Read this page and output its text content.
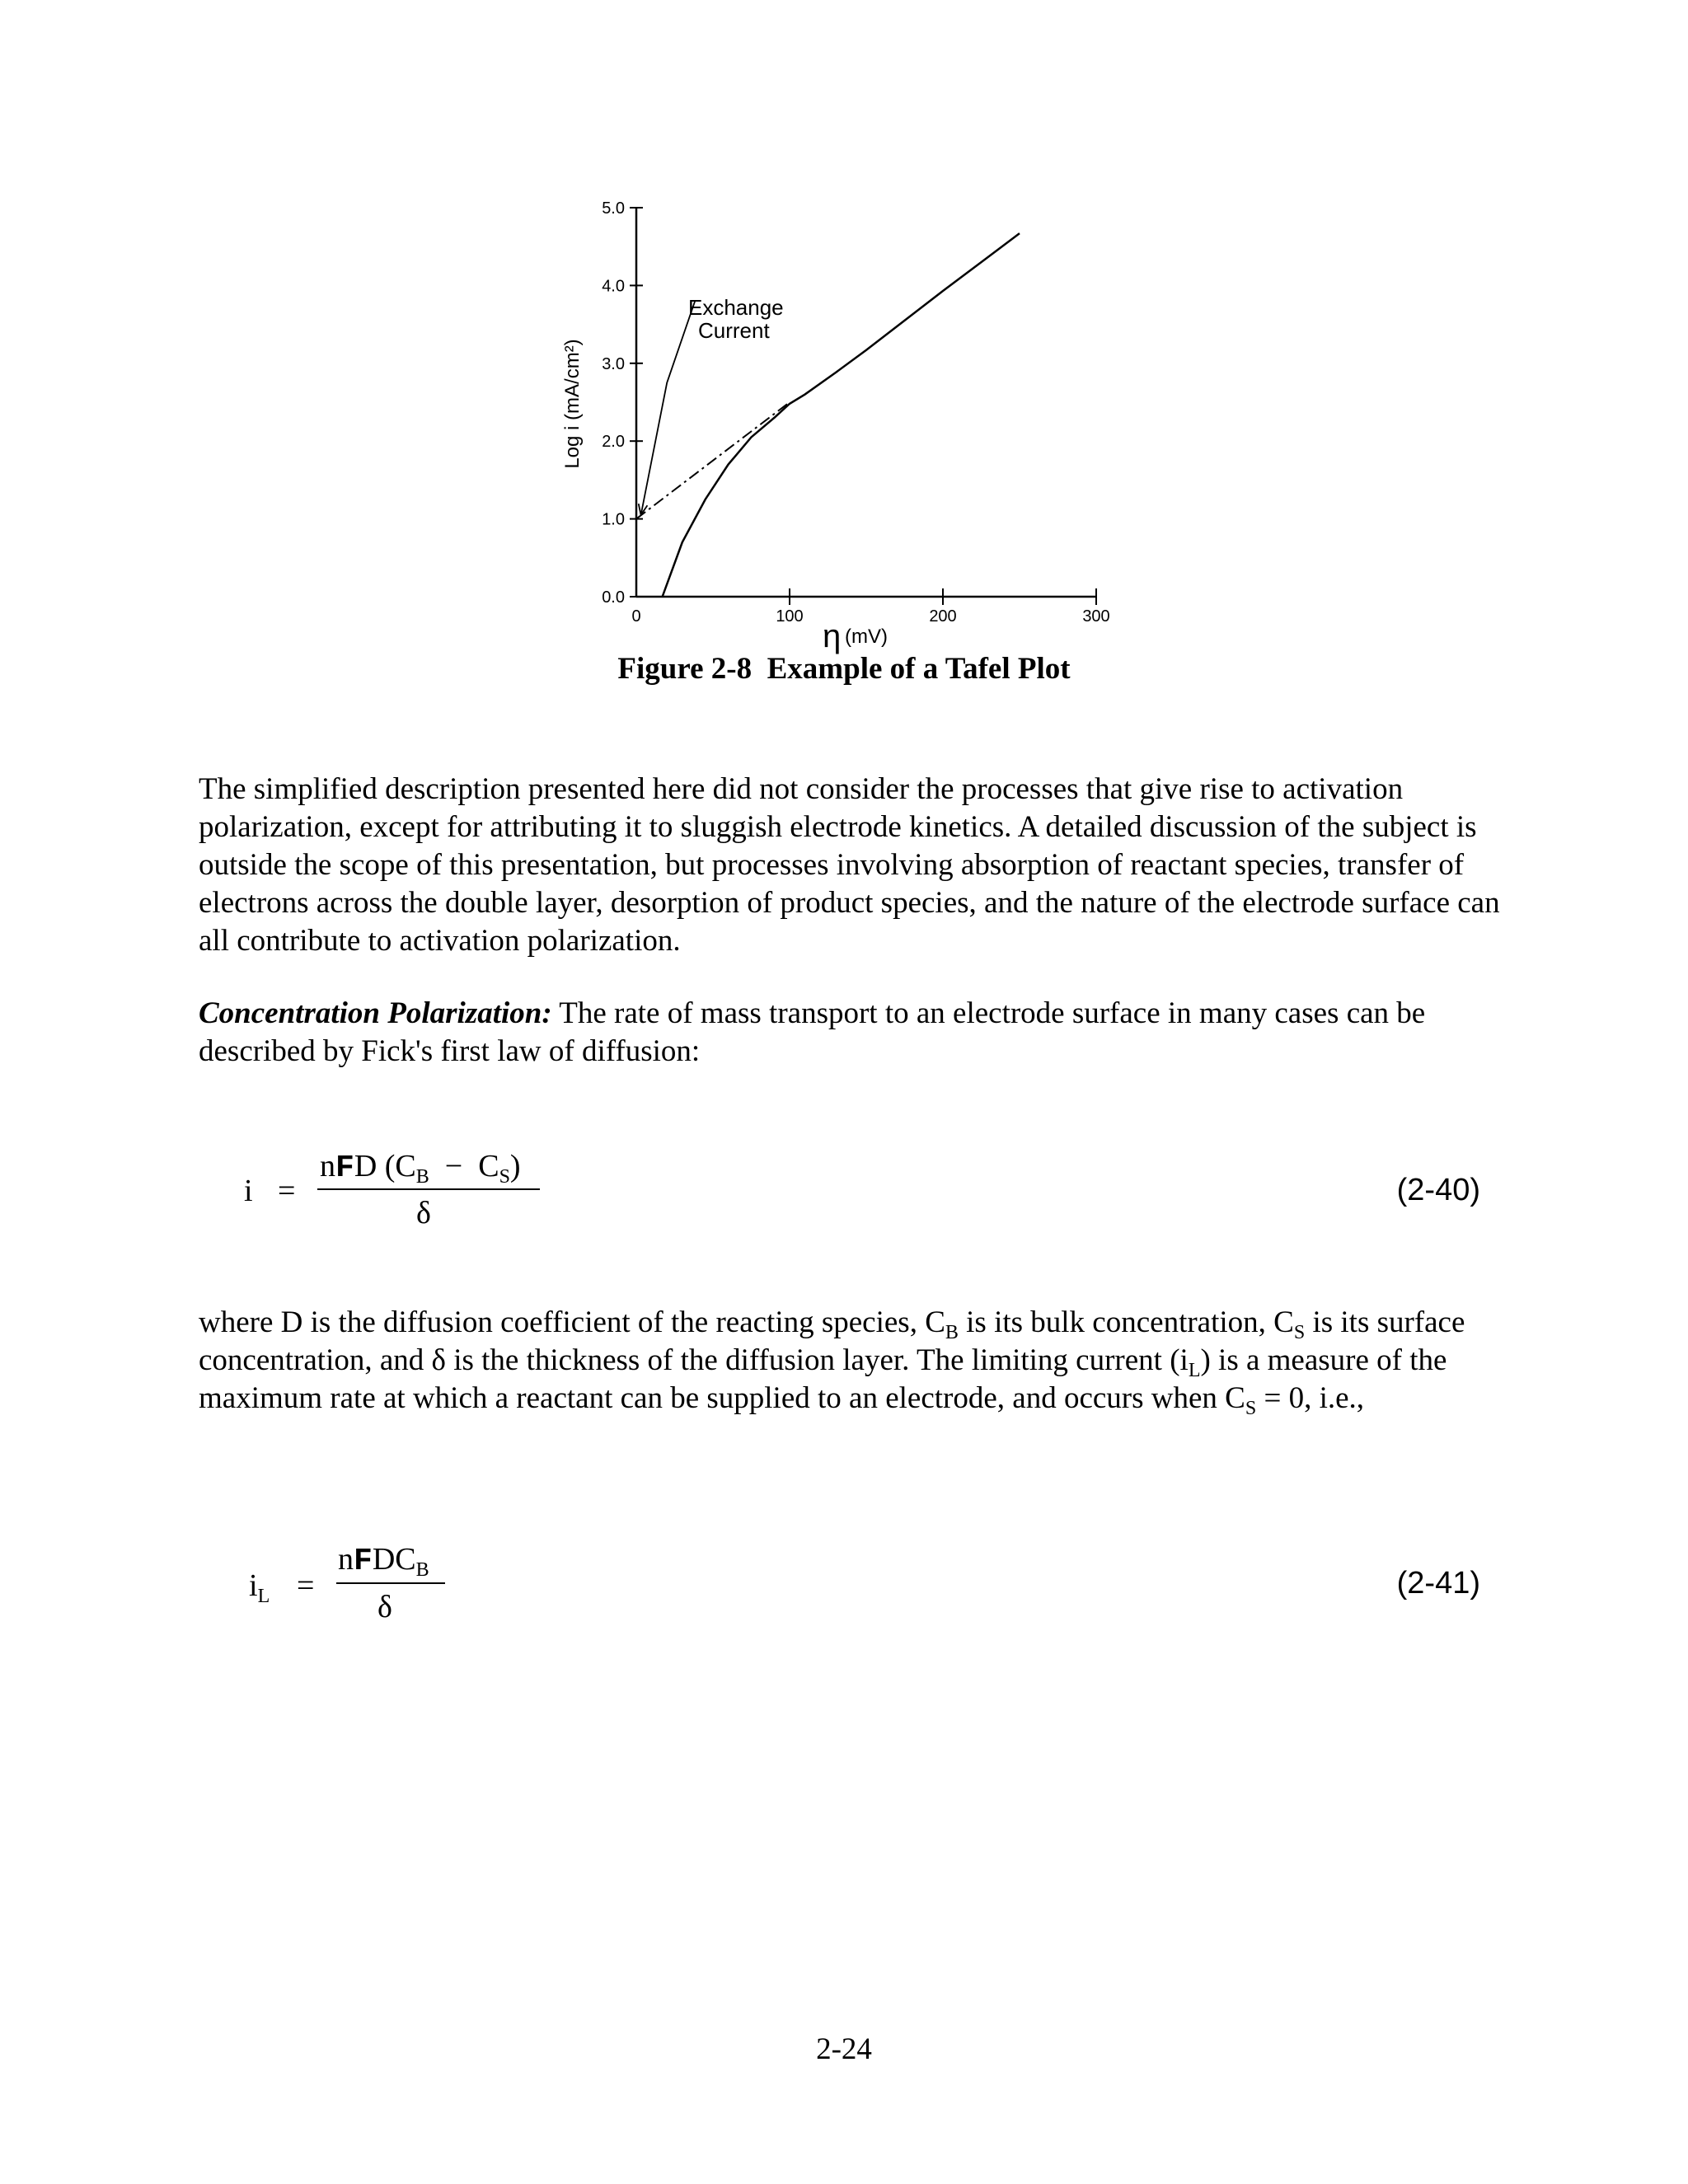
0.0
1.0
2.0
3.0
4.0
5.0
0	100	200	300
Exchange
Current
Log i (mA/cm²)
η (mV)
Figure 2-8  Example of a Tafel Plot

The simplified description presented here did not consider the processes that give rise to activation polarization, except for attributing it to sluggish electrode kinetics. A detailed discussion of the subject is outside the scope of this presentation, but processes involving absorption of reactant species, transfer of electrons across the double layer, desorption of product species, and the nature of the electrode surface can all contribute to activation polarization.

Concentration Polarization: The rate of mass transport to an electrode surface in many cases can be described by Fick's first law of diffusion:

i =
nFD $(C_B - C_S)$
δ
(2-40)

where D is the diffusion coefficient of the reacting species, $C_B$ is its bulk concentration, $C_S$ is its surface concentration, and δ is the thickness of the diffusion layer. The limiting current $(i_L)$ is a measure of the maximum rate at which a reactant can be supplied to an electrode, and occurs when $C_S = 0$, i.e.,

$i_L$ =
nFDC$_B$
δ
(2-41)
2-24
